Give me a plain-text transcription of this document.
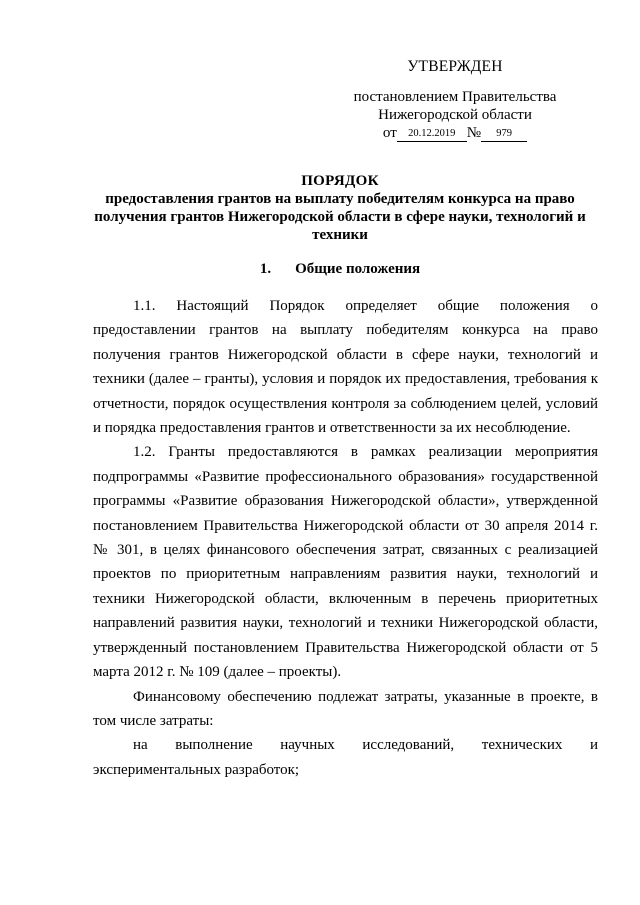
УТВЕРЖДЕН
постановлением Правительства
Нижегородской области
от	20.12.2019 №	979
ПОРЯДОК
предоставления грантов на выплату победителям конкурса на право
получения грантов Нижегородской области в сфере науки, технологий и
техники
1. Общие положения

1.1. Настоящий Порядок определяет общие положения о предоставлении грантов на выплату победителям конкурса на право получения грантов Нижегородской области в сфере науки, технологий и техники (далее – гранты), условия и порядок их предоставления, требования к отчетности, порядок осуществления контроля за соблюдением целей, условий и порядка предоставления грантов и ответственности за их несоблюдение.

1.2. Гранты предоставляются в рамках реализации мероприятия подпрограммы «Развитие профессионального образования» государственной программы «Развитие образования Нижегородской области», утвержденной постановлением Правительства Нижегородской области от 30 апреля 2014 г. № 301, в целях финансового обеспечения затрат, связанных с реализацией проектов по приоритетным направлениям развития науки, технологий и техники Нижегородской области, включенным в перечень приоритетных направлений развития науки, технологий и техники Нижегородской области, утвержденный постановлением Правительства Нижегородской области от 5 марта 2012 г. № 109 (далее – проекты).

Финансовому обеспечению подлежат затраты, указанные в проекте, в том числе затраты:

на выполнение научных исследований, технических и экспериментальных разработок;
